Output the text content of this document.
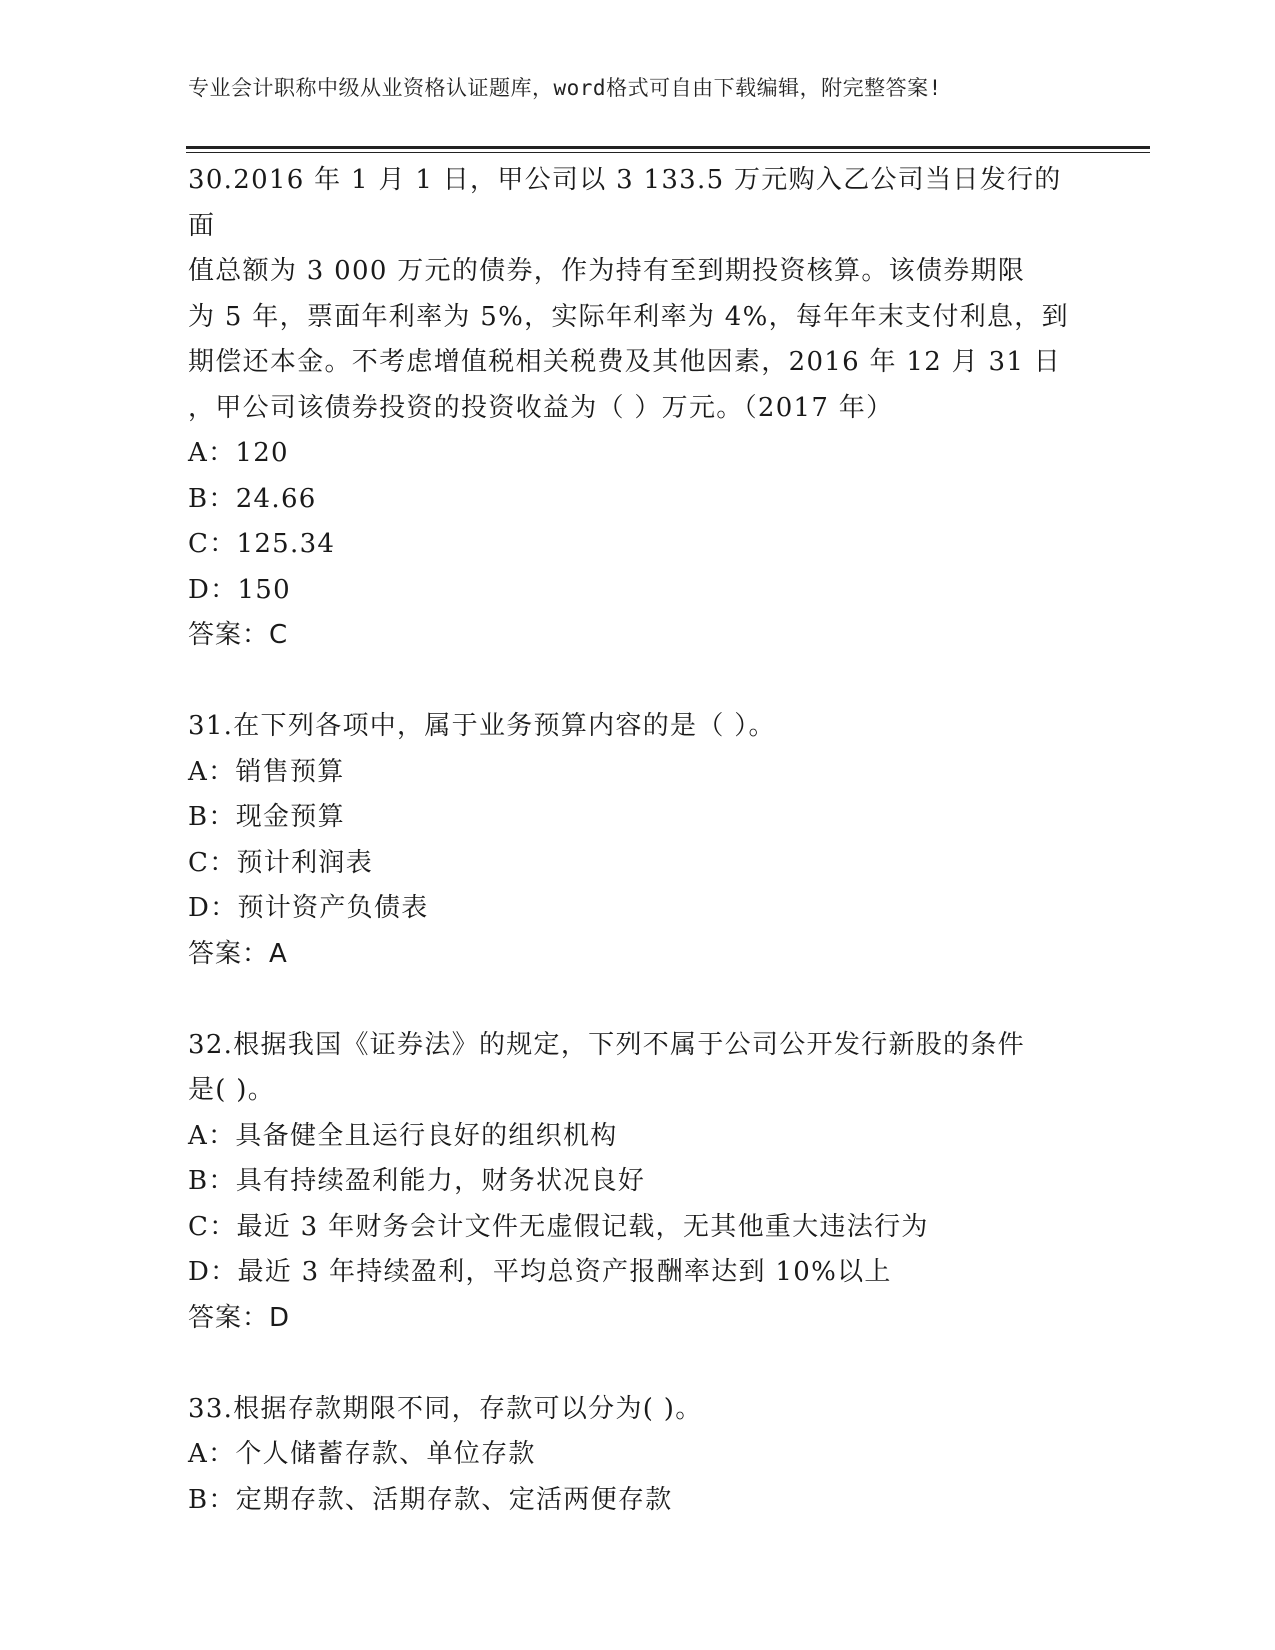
专业会计职称中级从业资格认证题库，word格式可自由下载编辑，附完整答案!
30.2016 年 1 月 1 日，甲公司以 3 133.5 万元购入乙公司当日发行的面
值总额为 3 000 万元的债券，作为持有至到期投资核算。该债券期限
为 5 年，票面年利率为 5%，实际年利率为 4%，每年年末支付利息，到
期偿还本金。不考虑增值税相关税费及其他因素，2016 年 12 月 31 日
，甲公司该债券投资的投资收益为（ ）万元。（2017 年）
A：120
B：24.66
C：125.34
D：150
答案：C
31.在下列各项中，属于业务预算内容的是（ ）。
A：销售预算
B：现金预算
C：预计利润表
D：预计资产负债表
答案：A
32.根据我国《证券法》的规定，下列不属于公司公开发行新股的条件
是( )。
A：具备健全且运行良好的组织机构
B：具有持续盈利能力，财务状况良好
C：最近 3 年财务会计文件无虚假记载，无其他重大违法行为
D：最近 3 年持续盈利，平均总资产报酬率达到 10%以上
答案：D
33.根据存款期限不同，存款可以分为( )。
A：个人储蓄存款、单位存款
B：定期存款、活期存款、定活两便存款
